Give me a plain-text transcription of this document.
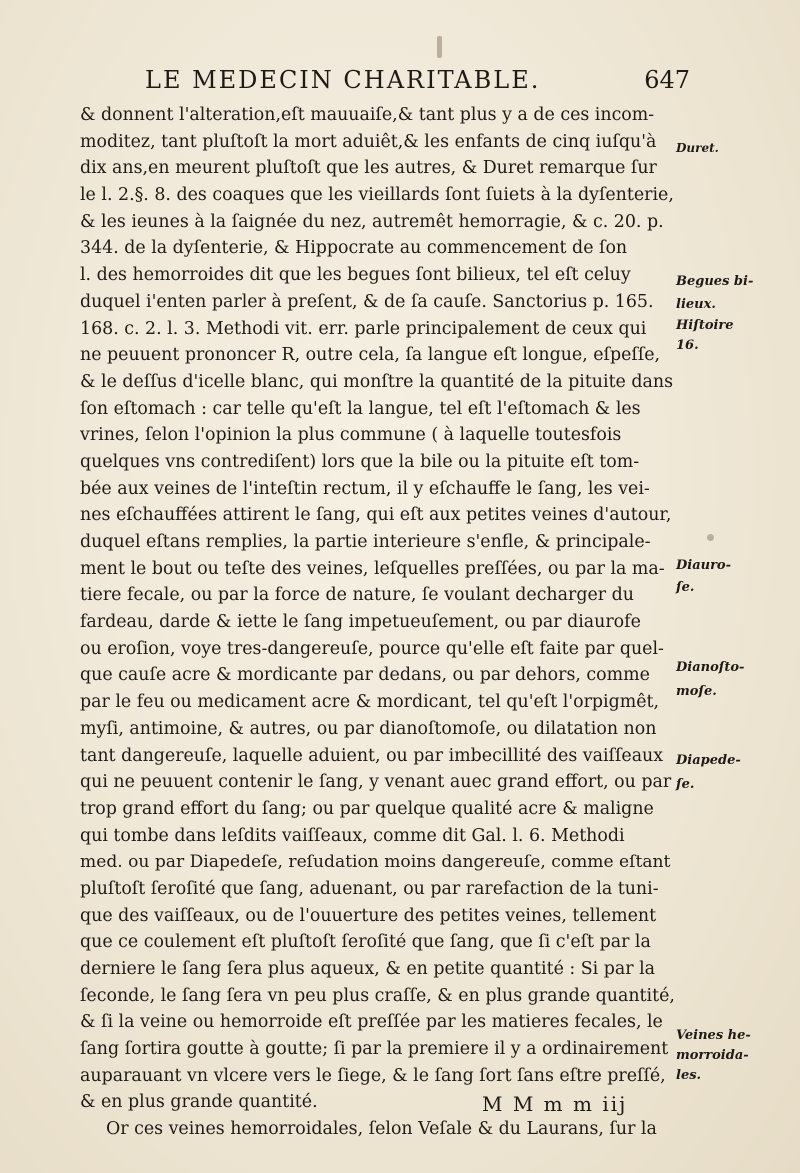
LE MEDECIN CHARITABLE.	647
& donnent l'alteration,eſt mauuaiſe,& tant plus y a de ces incom-
moditez, tant pluſtoſt la mort aduiêt,& les enfants de cinq iuſqu'à
dix ans,en meurent pluſtoſt que les autres, & Duret remarque ſur
le l. 2.§. 8. des coaques que les vieillards ſont ſuiets à la dyſenterie,
& les ieunes à la ſaignée du nez, autremêt hemorragie, & c. 20. p.
344. de la dyſenterie, & Hippocrate au commencement de ſon
l. des hemorroides dit que les begues ſont bilieux, tel eſt celuy
duquel i'enten parler à preſent, & de ſa cauſe. Sanctorius p. 165.
168. c. 2. l. 3. Methodi vit. err. parle principalement de ceux qui
ne peuuent prononcer R, outre cela, ſa langue eſt longue, eſpeſſe,
& le deſſus d'icelle blanc, qui monſtre la quantité de la pituite dans
ſon eſtomach : car telle qu'eſt la langue, tel eſt l'eſtomach & les
vrines, ſelon l'opinion la plus commune ( à laquelle toutesfois
quelques vns contrediſent) lors que la bile ou la pituite eſt tom-
bée aux veines de l'inteſtin rectum, il y eſchauffe le ſang, les vei-
nes eſchauffées attirent le ſang, qui eſt aux petites veines d'autour,
duquel eſtans remplies, la partie interieure s'enfle, & principale-
ment le bout ou teſte des veines, leſquelles preſſées, ou par la ma-
tiere fecale, ou par la force de nature, ſe voulant decharger du
fardeau, darde & iette le ſang impetueuſement, ou par diaurofe
ou eroſion, voye tres-dangereuſe, pource qu'elle eſt faite par quel-
que cauſe acre & mordicante par dedans, ou par dehors, comme
par le feu ou medicament acre & mordicant, tel qu'eſt l'orpigmêt,
myſi, antimoine, & autres, ou par dianoſtomoſe, ou dilatation non
tant dangereuſe, laquelle aduient, ou par imbecillité des vaiſſeaux
qui ne peuuent contenir le ſang, y venant auec grand effort, ou par
trop grand effort du ſang; ou par quelque qualité acre & maligne
qui tombe dans leſdits vaiſſeaux, comme dit Gal. l. 6. Methodi
med. ou par Diapedeſe, reſudation moins dangereuſe, comme eſtant
pluſtoſt ſeroſité que ſang, aduenant, ou par rarefaction de la tuni-
que des vaiſſeaux, ou de l'ouuerture des petites veines, tellement
que ce coulement eſt pluſtoſt ſeroſité que ſang, que ſi c'eſt par la
derniere le ſang ſera plus aqueux, & en petite quantité : Si par la
ſeconde, le ſang ſera vn peu plus craſſe, & en plus grande quantité,
& ſi la veine ou hemorroide eſt preſſée par les matieres fecales, le
ſang ſortira goutte à goutte; ſi par la premiere il y a ordinairement
auparauant vn vlcere vers le ſiege, & le ſang ſort ſans eſtre preſſé,
& en plus grande quantité.
Or ces veines hemorroidales, ſelon Veſale & du Laurans, ſur la
Duret.
Begues bi-
lieux.
Hiſtoire
16.
Diauro-
ſe.
Dianoſto-
moſe.
Diapede-
ſe.
Veines he-
morroida-
les.
M M m m iij
